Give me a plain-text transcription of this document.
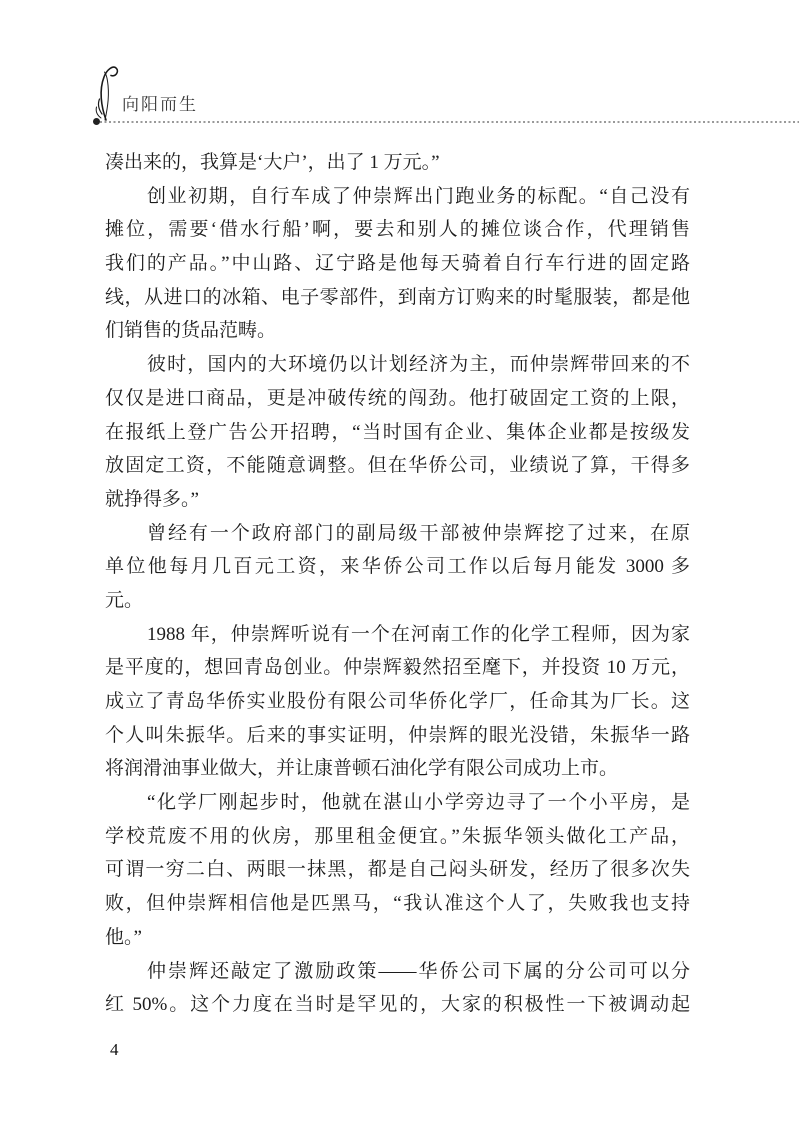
向阳而生
凑出来的，我算是‘大户’，出了 1 万元。”
创业初期，自行车成了仲崇辉出门跑业务的标配。“自己没有
摊位，需要‘借水行船’啊，要去和别人的摊位谈合作，代理销售
我们的产品。”中山路、辽宁路是他每天骑着自行车行进的固定路
线，从进口的冰箱、电子零部件，到南方订购来的时髦服装，都是他
们销售的货品范畴。
彼时，国内的大环境仍以计划经济为主，而仲崇辉带回来的不
仅仅是进口商品，更是冲破传统的闯劲。他打破固定工资的上限，
在报纸上登广告公开招聘，“当时国有企业、集体企业都是按级发
放固定工资，不能随意调整。但在华侨公司，业绩说了算，干得多
就挣得多。”
曾经有一个政府部门的副局级干部被仲崇辉挖了过来，在原
单位他每月几百元工资，来华侨公司工作以后每月能发 3000 多
元。
1988 年，仲崇辉听说有一个在河南工作的化学工程师，因为家
是平度的，想回青岛创业。仲崇辉毅然招至麾下，并投资 10 万元，
成立了青岛华侨实业股份有限公司华侨化学厂，任命其为厂长。这
个人叫朱振华。后来的事实证明，仲崇辉的眼光没错，朱振华一路
将润滑油事业做大，并让康普顿石油化学有限公司成功上市。
“化学厂刚起步时，他就在湛山小学旁边寻了一个小平房，是
学校荒废不用的伙房，那里租金便宜。”朱振华领头做化工产品，
可谓一穷二白、两眼一抹黑，都是自己闷头研发，经历了很多次失
败，但仲崇辉相信他是匹黑马，“我认准这个人了，失败我也支持
他。”
仲崇辉还敲定了激励政策——华侨公司下属的分公司可以分
红 50%。这个力度在当时是罕见的，大家的积极性一下被调动起
4
